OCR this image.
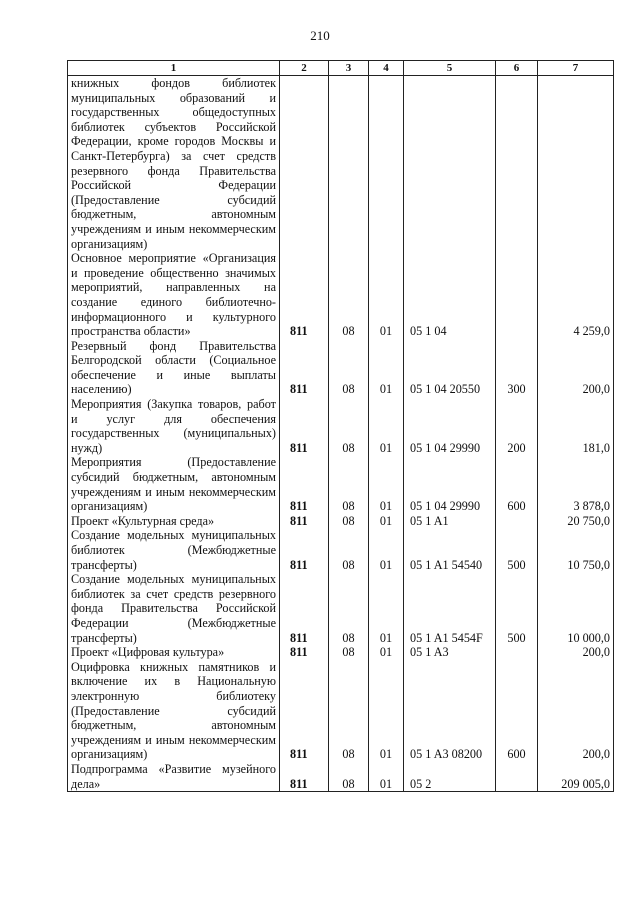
210
1	2	3	4	5	6	7
книжных фондов библиотек муниципальных образований и государственных общедоступных библиотек субъектов Российской Федерации, кроме городов Москвы и Санкт-Петербурга) за счет средств резервного фонда Правительства Российской Федерации (Предоставление субсидий бюджетным, автономным учреждениям и иным некоммерческим организациям)						
Основное мероприятие «Организация и проведение общественно значимых мероприятий, направленных на создание единого библиотечно-информационного и культурного пространства области»	811	08	01	05 1 04		4 259,0
Резервный фонд Правительства Белгородской области (Социальное обеспечение и иные выплаты населению)	811	08	01	05 1 04 20550	300	200,0
Мероприятия (Закупка товаров, работ и услуг для обеспечения государственных (муниципальных) нужд)	811	08	01	05 1 04 29990	200	181,0
Мероприятия (Предоставление субсидий бюджетным, автономным учреждениям и иным некоммерческим организациям)	811	08	01	05 1 04 29990	600	3 878,0
Проект «Культурная среда»	811	08	01	05 1 A1		20 750,0
Создание модельных муниципальных библиотек (Межбюджетные трансферты)	811	08	01	05 1 A1 54540	500	10 750,0
Создание модельных муниципальных библиотек за счет средств резервного фонда Правительства Российской Федерации (Межбюджетные трансферты)	811	08	01	05 1 A1 5454F	500	10 000,0
Проект «Цифровая культура»	811	08	01	05 1 A3		200,0
Оцифровка книжных памятников и включение их в Национальную электронную библиотеку (Предоставление субсидий бюджетным, автономным учреждениям и иным некоммерческим организациям)	811	08	01	05 1 A3 08200	600	200,0
Подпрограмма «Развитие музейного дела»	811	08	01	05 2		209 005,0
